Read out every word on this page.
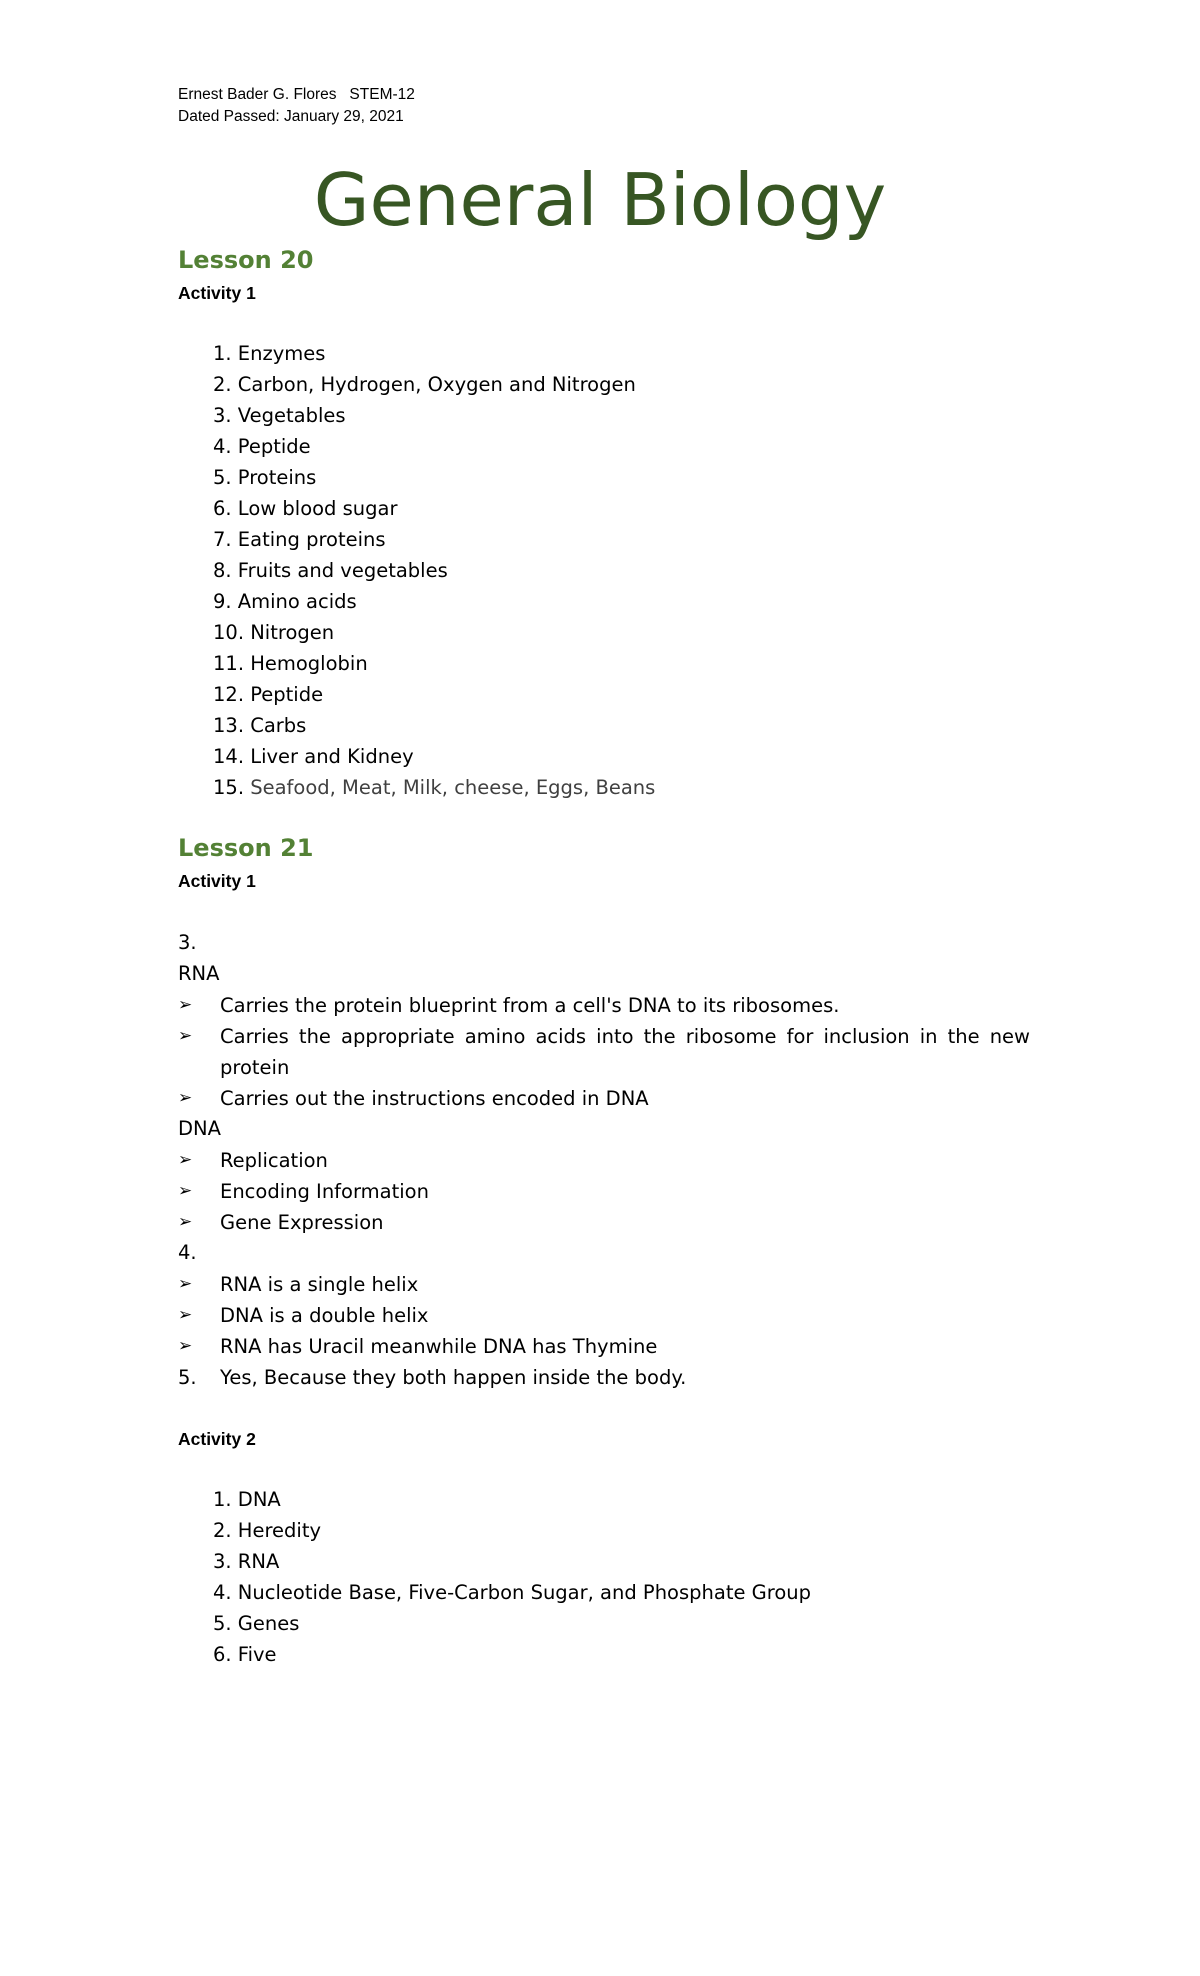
Ernest Bader G. Flores   STEM-12
Dated Passed: January 29, 2021
General Biology
Lesson 20
Activity 1
1. Enzymes
2. Carbon, Hydrogen, Oxygen and Nitrogen
3. Vegetables
4. Peptide
5. Proteins
6. Low blood sugar
7. Eating proteins
8. Fruits and vegetables
9. Amino acids
10. Nitrogen
11. Hemoglobin
12. Peptide
13. Carbs
14. Liver and Kidney
15. Seafood, Meat, Milk, cheese, Eggs, Beans
Lesson 21
Activity 1
3.
RNA
➢	Carries the protein blueprint from a cell's DNA to its ribosomes.
➢	Carries the appropriate amino acids into the ribosome for inclusion in the new protein
➢	Carries out the instructions encoded in DNA
DNA
➢	Replication
➢	Encoding Information
➢	Gene Expression
4.
➢	RNA is a single helix
➢	DNA is a double helix
➢	RNA has Uracil meanwhile DNA has Thymine
5.	Yes, Because they both happen inside the body.
Activity 2
1. DNA
2. Heredity
3. RNA
4. Nucleotide Base, Five-Carbon Sugar, and Phosphate Group
5. Genes
6. Five
